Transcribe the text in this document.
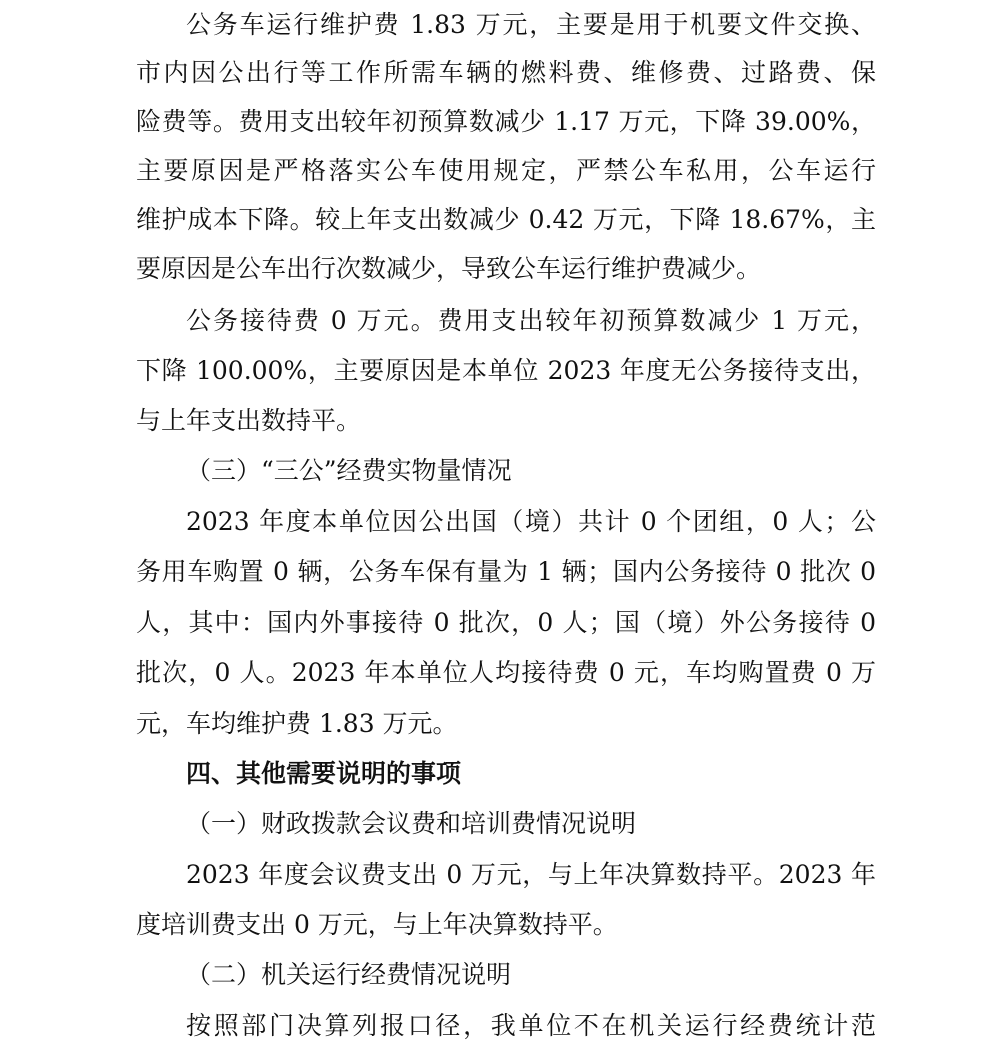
公务车运行维护费 1.83 万元，主要是用于机要文件交换、
市内因公出行等工作所需车辆的燃料费、维修费、过路费、保
险费等。费用支出较年初预算数减少 1.17 万元，下降 39.00%，
主要原因是严格落实公车使用规定，严禁公车私用，公车运行
维护成本下降。较上年支出数减少 0.42 万元，下降 18.67%，主
要原因是公车出行次数减少，导致公车运行维护费减少。
公务接待费 0 万元。费用支出较年初预算数减少 1 万元，
下降 100.00%，主要原因是本单位 2023 年度无公务接待支出，
与上年支出数持平。
（三）“三公”经费实物量情况
2023 年度本单位因公出国（境）共计 0 个团组，0 人；公
务用车购置 0 辆，公务车保有量为 1 辆；国内公务接待 0 批次 0
人，其中：国内外事接待 0 批次，0 人；国（境）外公务接待 0
批次，0 人。2023 年本单位人均接待费 0 元，车均购置费 0 万
元，车均维护费 1.83 万元。
四、其他需要说明的事项
（一）财政拨款会议费和培训费情况说明
2023 年度会议费支出 0 万元，与上年决算数持平。2023 年
度培训费支出 0 万元，与上年决算数持平。
（二）机关运行经费情况说明
按照部门决算列报口径，我单位不在机关运行经费统计范
